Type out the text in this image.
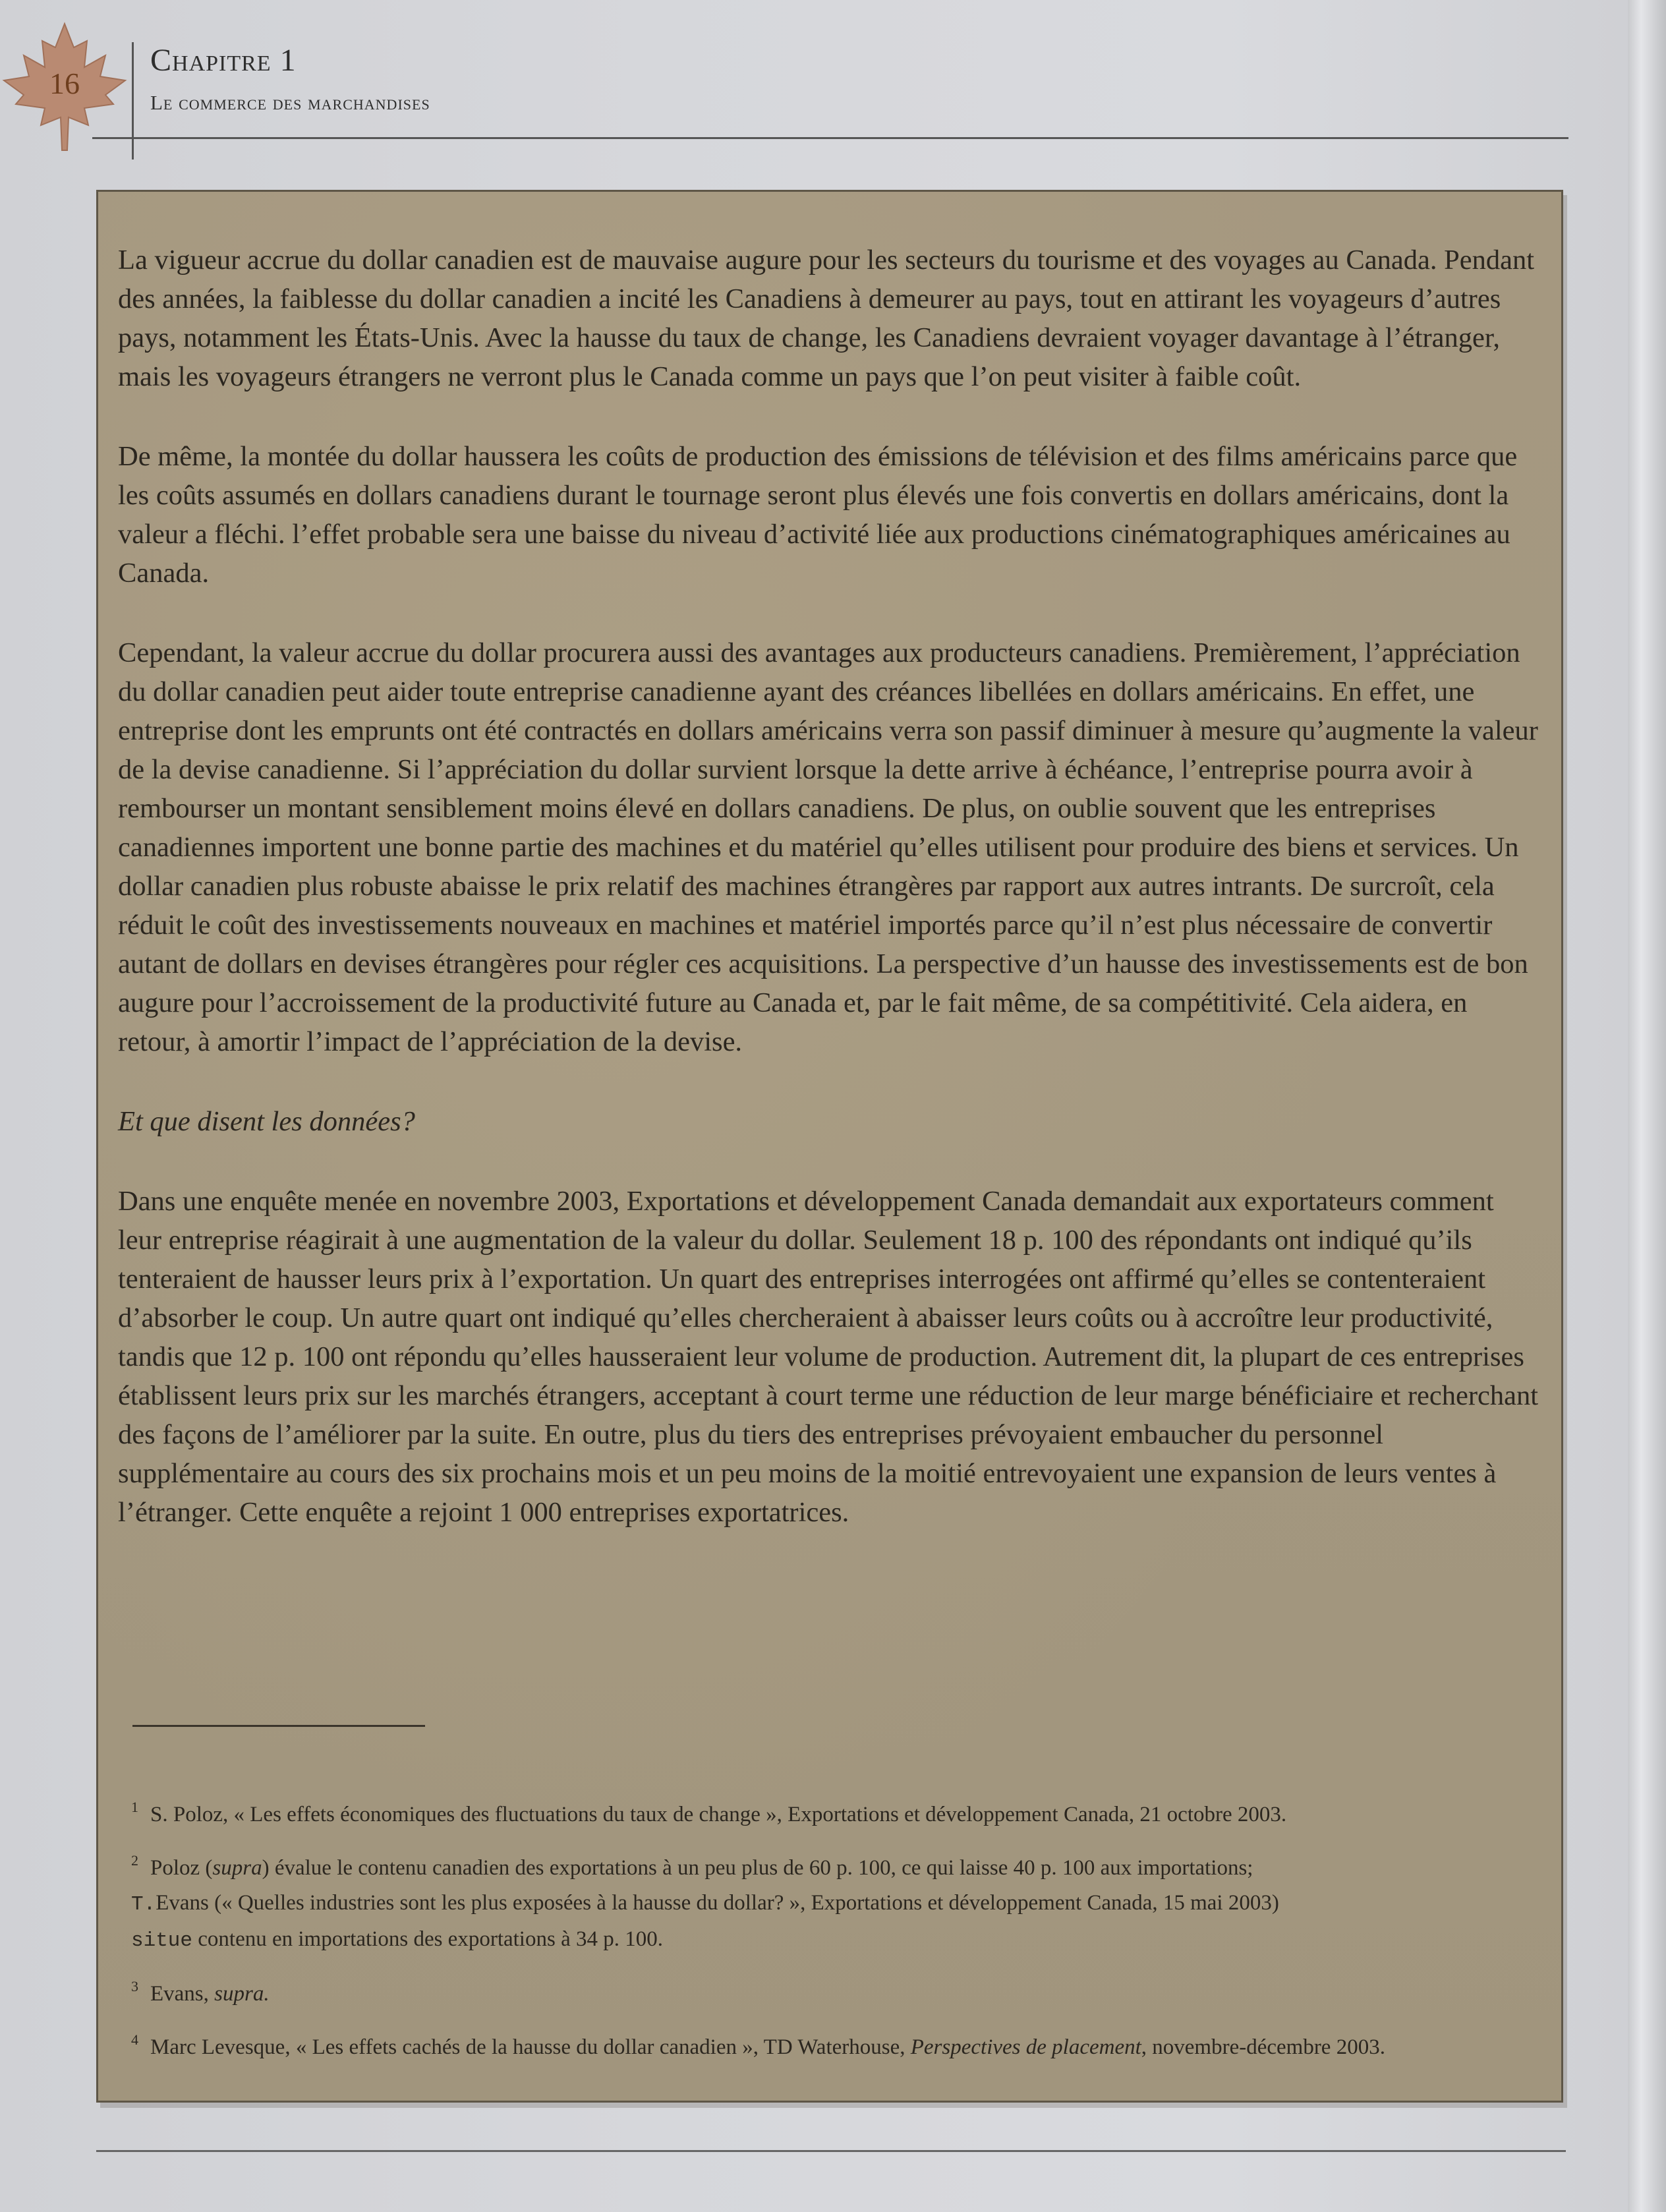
16
Chapitre 1
Le commerce des marchandises

La vigueur accrue du dollar canadien est de mauvaise augure pour les secteurs du tourisme et des voyages au Canada. Pendant des années, la faiblesse du dollar canadien a incité les Canadiens à demeurer au pays, tout en attirant les voyageurs d’autres pays, notamment les États-Unis. Avec la hausse du taux de change, les Canadiens devraient voyager davantage à l’étranger, mais les voyageurs étrangers ne verront plus le Canada comme un pays que l’on peut visiter à faible coût.

De même, la montée du dollar haussera les coûts de production des émissions de télévision et des films américains parce que les coûts assumés en dollars canadiens durant le tournage seront plus élevés une fois convertis en dollars américains, dont la valeur a fléchi. l’effet probable sera une baisse du niveau d’activité liée aux productions cinématographiques américaines au Canada.

Cependant, la valeur accrue du dollar procurera aussi des avantages aux producteurs canadiens. Premièrement, l’appréciation du dollar canadien peut aider toute entreprise canadienne ayant des créances libellées en dollars américains. En effet, une entreprise dont les emprunts ont été contractés en dollars américains verra son passif diminuer à mesure qu’augmente la valeur de la devise canadienne. Si l’appréciation du dollar survient lorsque la dette arrive à échéance, l’entreprise pourra avoir à rembourser un montant sensiblement moins élevé en dollars canadiens. De plus, on oublie souvent que les entreprises canadiennes importent une bonne partie des machines et du matériel qu’elles utilisent pour produire des biens et services. Un dollar canadien plus robuste abaisse le prix relatif des machines étrangères par rapport aux autres intrants. De surcroît, cela réduit le coût des investissements nouveaux en machines et matériel importés parce qu’il n’est plus nécessaire de convertir autant de dollars en devises étrangères pour régler ces acquisitions. La perspective d’un hausse des investissements est de bon augure pour l’accroissement de la productivité future au Canada et, par le fait même, de sa compétitivité. Cela aidera, en retour, à amortir l’impact de l’appréciation de la devise.

Et que disent les données?

Dans une enquête menée en novembre 2003, Exportations et développement Canada demandait aux exportateurs comment leur entreprise réagirait à une augmentation de la valeur du dollar. Seulement 18 p. 100 des répondants ont indiqué qu’ils tenteraient de hausser leurs prix à l’exportation. Un quart des entreprises interrogées ont affirmé qu’elles se contenteraient d’absorber le coup. Un autre quart ont indiqué qu’elles chercheraient à abaisser leurs coûts ou à accroître leur productivité, tandis que 12 p. 100 ont répondu qu’elles hausseraient leur volume de production. Autrement dit, la plupart de ces entreprises établissent leurs prix sur les marchés étrangers, acceptant à court terme une réduction de leur marge bénéficiaire et recherchant des façons de l’améliorer par la suite. En outre, plus du tiers des entreprises prévoyaient embaucher du personnel supplémentaire au cours des six prochains mois et un peu moins de la moitié entrevoyaient une expansion de leurs ventes à l’étranger. Cette enquête a rejoint 1 000 entreprises exportatrices.

$^1$ S. Poloz, « Les effets économiques des fluctuations du taux de change », Exportations et développement Canada, 21 octobre 2003.

$^2$ Poloz (supra) évalue le contenu canadien des exportations à un peu plus de 60 p. 100, ce qui laisse 40 p. 100 aux importations;
T.Evans (« Quelles industries sont les plus exposées à la hausse du dollar? », Exportations et développement Canada, 15 mai 2003)
situe contenu en importations des exportations à 34 p. 100.

$^3$ Evans, supra.

$^4$ Marc Levesque, « Les effets cachés de la hausse du dollar canadien », TD Waterhouse, Perspectives de placement, novembre-décembre 2003.
